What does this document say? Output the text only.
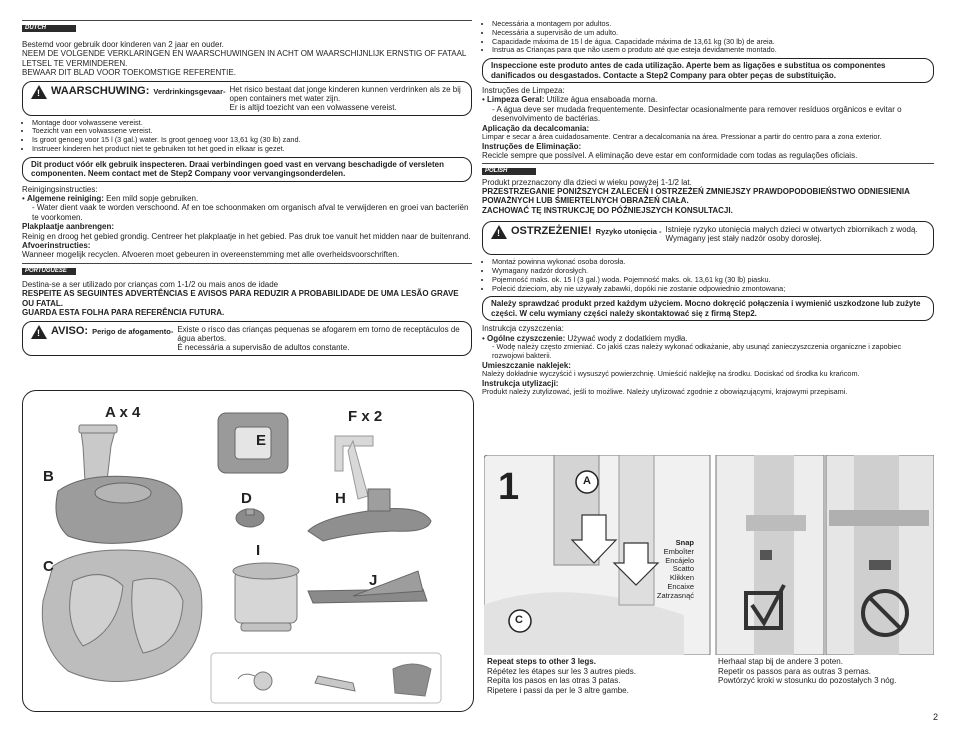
DUTCH

Bestemd voor gebruik door kinderen van 2 jaar en ouder.

NEEM DE VOLGENDE VERKLARINGEN EN WAARSCHUWINGEN IN ACHT OM WAARSCHIJNLIJK ERNSTIG OF FATAAL LETSEL TE VERMINDEREN.

BEWAAR DIT BLAD VOOR TOEKOMSTIGE REFERENTIE.

! WAARSCHUWING: Verdrinkingsgevaar- Het risico bestaat dat jonge kinderen kunnen verdrinken als ze bij open containers met water zijn.

Er is altijd toezicht van een volwassene vereist.

• Montage door volwassene vereist.
• Toezicht van een volwassene vereist.
• Is groot genoeg voor 15 l (3 gal.) water. Is groot genoeg voor 13,61 kg (30 lb) zand.
• Instrueer kinderen het product niet te gebruiken tot het goed in elkaar is gezet.
Dit product vóór elk gebruik inspecteren. Draai verbindingen goed vast en vervang beschadigde of versleten componenten. Neem contact met de Step2 Company voor vervangingsonderdelen.

Reinigingsinstructies:

• Algemene reiniging: Een mild sopje gebruiken.

- Water dient vaak te worden verschoond. Af en toe schoonmaken om organisch afval te verwijderen en groei van bacteriën te voorkomen.

Plakplaatje aanbrengen:

Reinig en droog het gebied grondig. Centreer het plakplaatje in het gebied. Pas druk toe vanuit het midden naar de buitenrand.

Afvoerinstructies:

Wanneer mogelijk recyclen. Afvoeren moet gebeuren in overeenstemming met alle overheidsvoorschriften.

PORTUGUESE

Destina-se a ser utilizado por crianças com 1-1/2 ou mais anos de idade

RESPEITE AS SEGUINTES ADVERTÊNCIAS E AVISOS PARA REDUZIR A PROBABILIDADE DE UMA LESÃO GRAVE OU FATAL.

GUARDA ESTA FOLHA PARA REFERÊNCIA FUTURA.

! AVISO: Perigo de afogamento- Existe o risco das crianças pequenas se afogarem em torno de receptáculos de água abertos.

É necessária a supervisão de adultos constante.

A x 4
B
C
E
F x 2
D	H
I
J
• Necessária a montagem por adultos.
• Necessária a supervisão de um adulto.
• Capacidade máxima de 15 l de água. Capacidade máxima de 13,61 kg (30 lb) de areia.
• Instrua as Crianças para que não usem o produto até que esteja devidamente montado.
Inspeccione este produto antes de cada utilização. Aperte bem as ligações e substitua os componentes danificados ou desgastados. Contacte a Step2 Company para obter peças de substituição.

Instruções de Limpeza:

• Limpeza Geral: Utilize água ensaboada morna.

- A água deve ser mudada frequentemente. Desinfectar ocasionalmente para remover resíduos orgânicos e evitar o desenvolvimento de bactérias.

Aplicação da decalcomania:

Limpar e secar a área cuidadosamente. Centrar a decalcomania na área. Pressionar a partir do centro para a zona exterior.

Instruções de Eliminação:

Recicle sempre que possível. A eliminação deve estar em conformidade com todas as regulações oficiais.

POLISH

Produkt przeznaczony dla dzieci w wieku powyżej 1-1/2 lat.

PRZESTRZEGANIE PONIŻSZYCH ZALECEŃ I OSTRZEŻEŃ ZMNIEJSZY PRAWDOPODOBIEŃSTWO ODNIESIENIA POWAŻNYCH LUB ŚMIERTELNYCH OBRAŻEŃ CIAŁA.

ZACHOWAĆ TĘ INSTRUKCJĘ DO PÓŹNIEJSZYCH KONSULTACJI.

! OSTRZEŻENIE! Ryzyko utonięcia - Istnieje ryzyko utonięcia małych dzieci w otwartych zbiornikach z wodą.

Wymagany jest stały nadzór osoby dorosłej.

• Montaż powinna wykonać osoba dorosła.
• Wymagany nadzór dorosłych.
• Pojemność maks. ok. 15 l (3 gal.) woda. Pojemność maks. ok. 13,61 kg (30 lb) piasku.
• Polecić dzieciom, aby nie używały zabawki, dopóki nie zostanie odpowiednio zmontowana;
Należy sprawdzać produkt przed każdym użyciem. Mocno dokręcić połączenia i wymienić uszkodzone lub zużyte części. W celu wymiany części należy skontaktować się z firmą Step2.

Instrukcja czyszczenia:

• Ogólne czyszczenie: Używać wody z dodatkiem mydła.

- Wodę należy często zmieniać. Co jakiś czas należy wykonać odkażanie, aby usunąć zanieczyszczenia organiczne i zapobiec rozwojowi bakterii.

Umieszczanie naklejek:

Należy dokładnie wyczyścić i wysuszyć powierzchnię. Umieścić naklejkę na środku. Dociskać od środka ku krańcom.

Instrukcja utylizacji:

Produkt należy zutylizować, jeśli to możliwe. Należy utylizować zgodnie z obowiązującymi, krajowymi przepisami.

1	A
C
Snap
Emboîter
Encájelo
Scatto
Klikken
Encaixe
Zatrzasnąć

Repeat steps to other 3 legs.

Répétez les étapes sur les 3 autres pieds.

Repita los pasos en las otras 3 patas.

Ripetere i passi da per le 3 altre gambe.

Herhaal stap bij de andere 3 poten.

Repetir os passos para as outras 3 pernas.

Powtórzyć kroki w stosunku do pozostałych 3 nóg.

2
